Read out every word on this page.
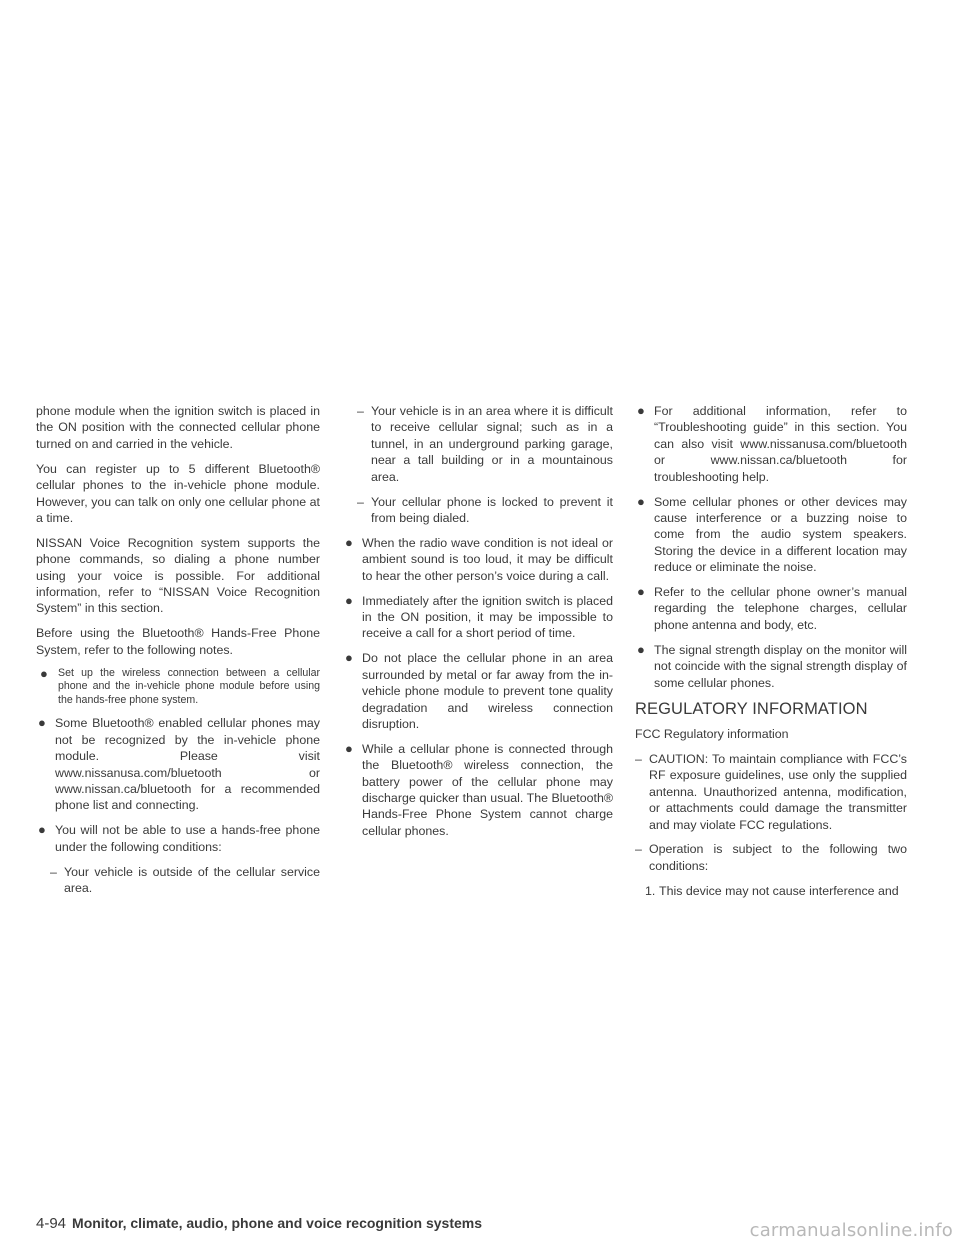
phone module when the ignition switch is placed in the ON position with the connected cellular phone turned on and carried in the vehicle.

You can register up to 5 different Bluetooth® cellular phones to the in-vehicle phone module. However, you can talk on only one cellular phone at a time.

NISSAN Voice Recognition system supports the phone commands, so dialing a phone number using your voice is possible. For additional information, refer to “NISSAN Voice Recognition System” in this section.

Before using the Bluetooth® Hands-Free Phone System, refer to the following notes.

● Set up the wireless connection between a cellular phone and the in-vehicle phone module before using the hands-free phone system.
● Some Bluetooth® enabled cellular phones may not be recognized by the in-vehicle phone module. Please visit www.nissanusa.com/bluetooth or www.nissan.ca/bluetooth for a recommended phone list and connecting.
● You will not be able to use a hands-free phone under the following conditions:
– Your vehicle is outside of the cellular service area.
– Your vehicle is in an area where it is difficult to receive cellular signal; such as in a tunnel, in an underground parking garage, near a tall building or in a mountainous area.
– Your cellular phone is locked to prevent it from being dialed.
● When the radio wave condition is not ideal or ambient sound is too loud, it may be difficult to hear the other person’s voice during a call.
● Immediately after the ignition switch is placed in the ON position, it may be impossible to receive a call for a short period of time.
● Do not place the cellular phone in an area surrounded by metal or far away from the in-vehicle phone module to prevent tone quality degradation and wireless connection disruption.
● While a cellular phone is connected through the Bluetooth® wireless connection, the battery power of the cellular phone may discharge quicker than usual. The Bluetooth® Hands-Free Phone System cannot charge cellular phones.
● For additional information, refer to “Troubleshooting guide” in this section. You can also visit www.nissanusa.com/bluetooth or www.nissan.ca/bluetooth for troubleshooting help.
● Some cellular phones or other devices may cause interference or a buzzing noise to come from the audio system speakers. Storing the device in a different location may reduce or eliminate the noise.
● Refer to the cellular phone owner’s manual regarding the telephone charges, cellular phone antenna and body, etc.
● The signal strength display on the monitor will not coincide with the signal strength display of some cellular phones.
REGULATORY INFORMATION

FCC Regulatory information

– CAUTION: To maintain compliance with FCC’s RF exposure guidelines, use only the supplied antenna. Unauthorized antenna, modification, or attachments could damage the transmitter and may violate FCC regulations.
– Operation is subject to the following two conditions:
1. This device may not cause interference and
4-94 Monitor, climate, audio, phone and voice recognition systems	carmanualsonline.info
